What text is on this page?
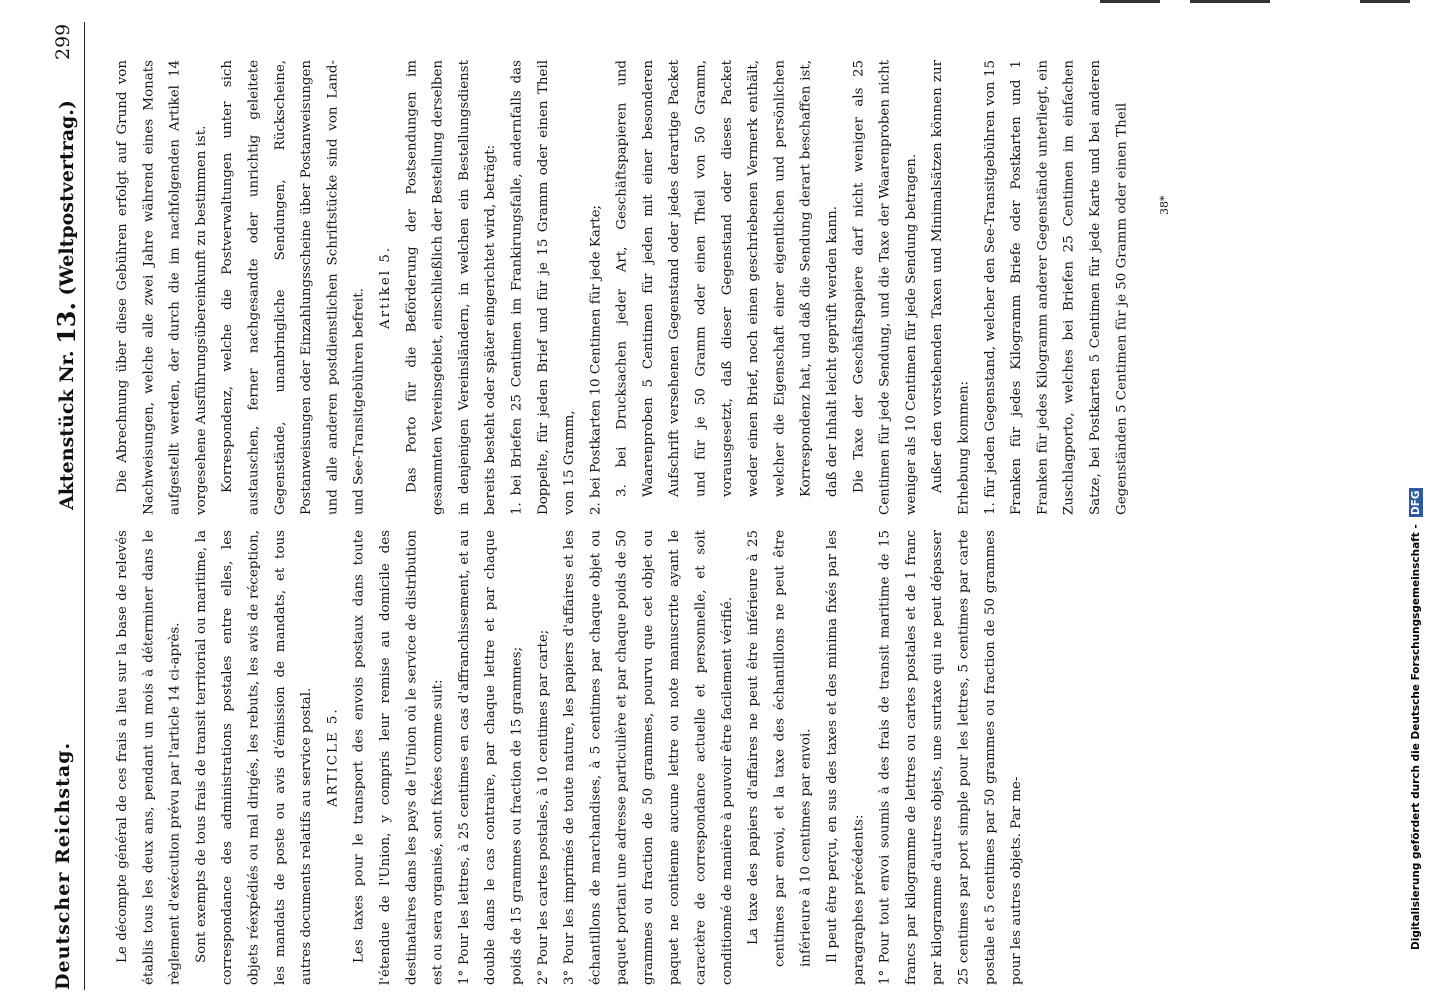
Deutscher Reichstag.
Aktenstück Nr. 13. (Weltpostvertrag.)
299

Le décompte général de ces frais a lieu sur la base de relevés établis tous les deux ans, pendant un mois à déterminer dans le règlement d'exécution prévu par l'article 14 ci-après. Sont exempts de tous frais de transit territorial ou maritime, la correspondance des administrations postales entre elles, les objets réexpédiés ou mal dirigés, les rebuts, les avis de réception, les mandats de poste ou avis d'émission de mandats, et tous autres documents relatifs au service postal. ARTICLE 5. Les taxes pour le transport des envois postaux dans toute l'étendue de l'Union, y compris leur remise au domicile des destinataires dans les pays de l'Union où le service de distribution est ou sera organisé, sont fixées comme suit: 1° Pour les lettres, à 25 centimes en cas d'affranchissement, et au double dans le cas contraire, par chaque lettre et par chaque poids de 15 grammes ou fraction de 15 grammes; 2° Pour les cartes postales, à 10 centimes par carte; 3° Pour les imprimés de toute nature, les papiers d'affaires et les échantillons de marchandises, à 5 centimes par chaque objet ou paquet portant une adresse particulière et par chaque poids de 50 grammes ou fraction de 50 grammes, pourvu que cet objet ou paquet ne contienne aucune lettre ou note manuscrite ayant le caractère de correspondance actuelle et personnelle, et soit conditionné de manière à pouvoir être facilement vérifié. La taxe des papiers d'affaires ne peut être inférieure à 25 centimes par envoi, et la taxe des échantillons ne peut être inférieure à 10 centimes par envoi. Il peut être perçu, en sus des taxes et des minima fixés par les paragraphes précédents: 1° Pour tout envoi soumis à des frais de transit maritime de 15 francs par kilogramme de lettres ou cartes postales et de 1 franc par kilogramme d'autres objets, une surtaxe qui ne peut dépasser 25 centimes par port simple pour les lettres, 5 centimes par carte postale et 5 centimes par 50 grammes ou fraction de 50 grammes pour les autres objets. Par me-

Die Abrechnung über diese Gebühren erfolgt auf Grund von Nachweisungen, welche alle zwei Jahre während eines Monats aufgestellt werden, der durch die im nachfolgenden Artikel 14 vorgesehene Ausführungsübereinkunft zu bestimmen ist. Korrespondenz, welche die Postverwaltungen unter sich austauschen, ferner nachgesandte oder unrichtig geleitete Gegenstände, unanbringliche Sendungen, Rückscheine, Postanweisungen oder Einzahlungsscheine über Postanweisungen und alle anderen postdienstlichen Schriftstücke sind von Land- und See-Transitgebühren befreit.

Artikel 5. Das Porto für die Beförderung der Postsendungen im gesammten Vereinsgebiet, einschließlich der Bestellung derselben in denjenigen Vereinsländern, in welchen ein Bestellungsdienst bereits besteht oder später eingerichtet wird, beträgt: 1. bei Briefen 25 Centimen im Frankirungsfalle, andernfalls das Doppelte, für jeden Brief und für je 15 Gramm oder einen Theil von 15 Gramm, 2. bei Postkarten 10 Centimen für jede Karte; 3. bei Drucksachen jeder Art, Geschäftspapieren und Waarenproben 5 Centimen für jeden mit einer besonderen Aufschrift versehenen Gegenstand oder jedes derartige Packet und für je 50 Gramm oder einen Theil von 50 Gramm, vorausgesetzt, daß dieser Gegenstand oder dieses Packet weder einen Brief, noch einen geschriebenen Vermerk enthält, welcher die Eigenschaft einer eigentlichen und persönlichen Korrespondenz hat, und daß die Sendung derart beschaffen ist, daß der Inhalt leicht geprüft werden kann. Die Taxe der Geschäftspapiere darf nicht weniger als 25 Centimen für jede Sendung, und die Taxe der Waarenproben nicht weniger als 10 Centimen für jede Sendung betragen. Außer den vorstehenden Taxen und Minimalsätzen können zur Erhebung kommen: 1. für jeden Gegenstand, welcher den See-Transitgebühren von 15 Franken für jedes Kilogramm Briefe oder Postkarten und 1 Franken für jedes Kilogramm anderer Gegenstände unterliegt, ein Zuschlagporto, welches bei Briefen 25 Centimen im einfachen Satze, bei Postkarten 5 Centimen für jede Karte und bei anderen Gegenständen 5 Centimen für je 50 Gramm oder einen Theil	38*
Digitalisierung gefördert durch die Deutsche Forschungsgemeinschaft - DFG
